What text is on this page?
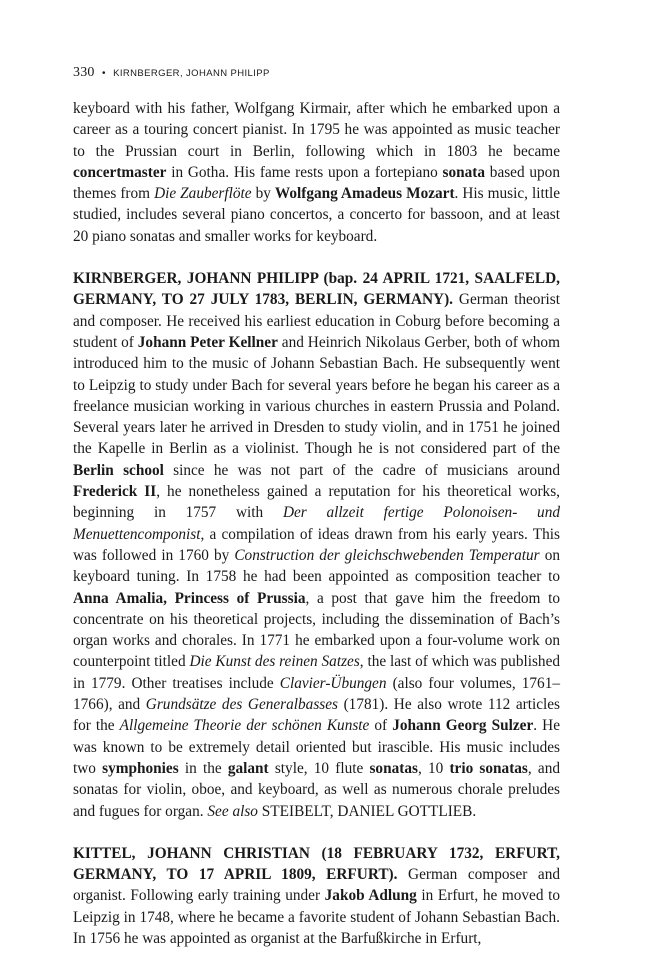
330 • KIRNBERGER, JOHANN PHILIPP

keyboard with his father, Wolfgang Kirmair, after which he embarked upon a career as a touring concert pianist. In 1795 he was appointed as music teacher to the Prussian court in Berlin, following which in 1803 he became concertmaster in Gotha. His fame rests upon a fortepiano sonata based upon themes from Die Zauberflöte by Wolfgang Amadeus Mozart. His music, little studied, includes several piano concertos, a concerto for bassoon, and at least 20 piano sonatas and smaller works for keyboard.

KIRNBERGER, JOHANN PHILIPP (bap. 24 APRIL 1721, SAALFELD, GERMANY, TO 27 JULY 1783, BERLIN, GERMANY). German theorist and composer. He received his earliest education in Coburg before becoming a student of Johann Peter Kellner and Heinrich Nikolaus Gerber, both of whom introduced him to the music of Johann Sebastian Bach. He subsequently went to Leipzig to study under Bach for several years before he began his career as a freelance musician working in various churches in eastern Prussia and Poland. Several years later he arrived in Dresden to study violin, and in 1751 he joined the Kapelle in Berlin as a violinist. Though he is not considered part of the Berlin school since he was not part of the cadre of musicians around Frederick II, he nonetheless gained a reputation for his theoretical works, beginning in 1757 with Der allzeit fertige Polonoisen- und Menuettencomponist, a compilation of ideas drawn from his early years. This was followed in 1760 by Construction der gleichschwebenden Temperatur on keyboard tuning. In 1758 he had been appointed as composition teacher to Anna Amalia, Princess of Prussia, a post that gave him the freedom to concentrate on his theoretical projects, including the dissemination of Bach’s organ works and chorales. In 1771 he embarked upon a four-volume work on counterpoint titled Die Kunst des reinen Satzes, the last of which was published in 1779. Other treatises include Clavier-Übungen (also four volumes, 1761–1766), and Grundsätze des Generalbasses (1781). He also wrote 112 articles for the Allgemeine Theorie der schönen Kunste of Johann Georg Sulzer. He was known to be extremely detail oriented but irascible. His music includes two symphonies in the galant style, 10 flute sonatas, 10 trio sonatas, and sonatas for violin, oboe, and keyboard, as well as numerous chorale preludes and fugues for organ. See also STEIBELT, DANIEL GOTTLIEB.

KITTEL, JOHANN CHRISTIAN (18 FEBRUARY 1732, ERFURT, GERMANY, TO 17 APRIL 1809, ERFURT). German composer and organist. Following early training under Jakob Adlung in Erfurt, he moved to Leipzig in 1748, where he became a favorite student of Johann Sebastian Bach. In 1756 he was appointed as organist at the Barfußkirche in Erfurt,
